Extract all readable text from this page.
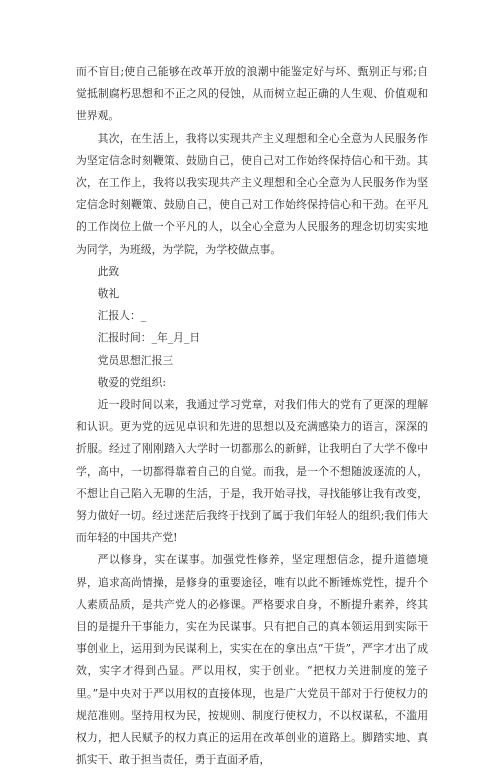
而不盲目;使自己能够在改革开放的浪潮中能鉴定好与坏、甄别正与邪;自觉抵制腐朽思想和不正之风的侵蚀，从而树立起正确的人生观、价值观和世界观。

其次，在生活上，我将以实现共产主义理想和全心全意为人民服务作为坚定信念时刻鞭策、鼓励自己，使自己对工作始终保持信心和干劲。其次，在工作上，我将以我实现共产主义理想和全心全意为人民服务作为坚定信念时刻鞭策、鼓励自己，使自己对工作始终保持信心和干劲。在平凡的工作岗位上做一个平凡的人，以全心全意为人民服务的理念切切实实地为同学，为班级，为学院，为学校做点事。

此致

敬礼

汇报人：_

汇报时间：_年_月_日

党员思想汇报三

敬爱的党组织:

近一段时间以来，我通过学习党章，对我们伟大的党有了更深的理解和认识。更为党的远见卓识和先进的思想以及充满感染力的语言，深深的折服。经过了刚刚踏入大学时一切都那么的新鲜，让我明白了大学不像中学，高中，一切都得靠着自己的自觉。而我，是一个不想随波逐流的人，不想让自己陷入无聊的生活，于是，我开始寻找，寻找能够让我有改变，努力做好一切。经过迷茫后我终于找到了属于我们年轻人的组织;我们伟大而年轻的中国共产党!

严以修身，实在谋事。加强党性修养，坚定理想信念，提升道德境界，追求高尚情操，是修身的重要途径，唯有以此不断锤炼党性，提升个人素质品质，是共产党人的必修课。严格要求自身，不断提升素养，终其目的是提升干事能力，实在为民谋事。只有把自己的真本领运用到实际干事创业上，运用到为民谋利上，实实在在的拿出点“干货”，严字才出了成效，实字才得到凸显。严以用权，实于创业。“把权力关进制度的笼子里。”是中央对于严以用权的直接体现，也是广大党员干部对于行使权力的规范准则。坚持用权为民，按规则、制度行使权力，不以权谋私，不滥用权力，把人民赋予的权力真正的运用在改革创业的道路上。脚踏实地、真抓实干、敢于担当责任，勇于直面矛盾，
